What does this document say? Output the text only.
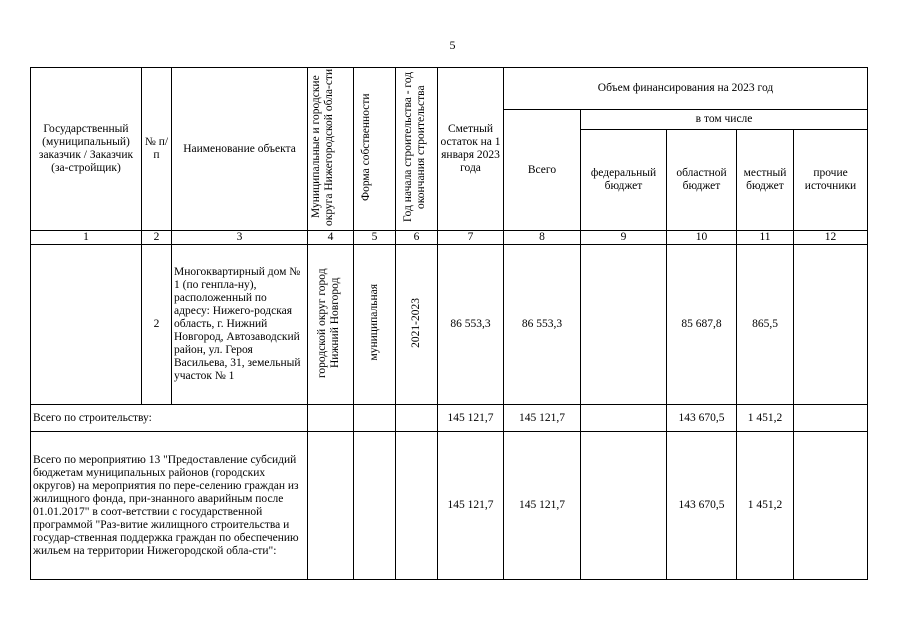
5
Государственный (муниципальный) заказчик / Заказчик (за-стройщик)	№ п/п	Наименование объекта	Муниципальные и городские округа Нижегородской обла-сти	Форма собственности	Год начала строительства - год окончания строительства	Сметный остаток на 1 января 2023 года	Объем финансирования на 2023 год				
							Всего	в том числе			
								федеральный бюджет	областной бюджет	местный бюджет	прочие источники
1	2	3	4	5	6	7	8	9	10	11	12
	2	Многоквартирный дом № 1 (по генпла-ну), расположенный по адресу: Нижего-родская область, г. Нижний Новгород, Автозаводский район, ул. Героя Васильева, 31, земельный участок № 1	городской округ город Нижний Новгород	муниципальная	2021-2023	86 553,3	86 553,3		85 687,8	865,5	
Всего по строительству:						145 121,7	145 121,7		143 670,5	1 451,2	
Всего по мероприятию 13 "Предоставление субсидий бюджетам муниципальных районов (городских округов) на мероприятия по пере-селению граждан из жилищного фонда, при-знанного аварийным после 01.01.2017" в соот-ветствии с государственной программой "Раз-витие жилищного строительства и государ-ственная поддержка граждан по обеспечению жильем на территории Нижегородской обла-сти":						145 121,7	145 121,7		143 670,5	1 451,2	
